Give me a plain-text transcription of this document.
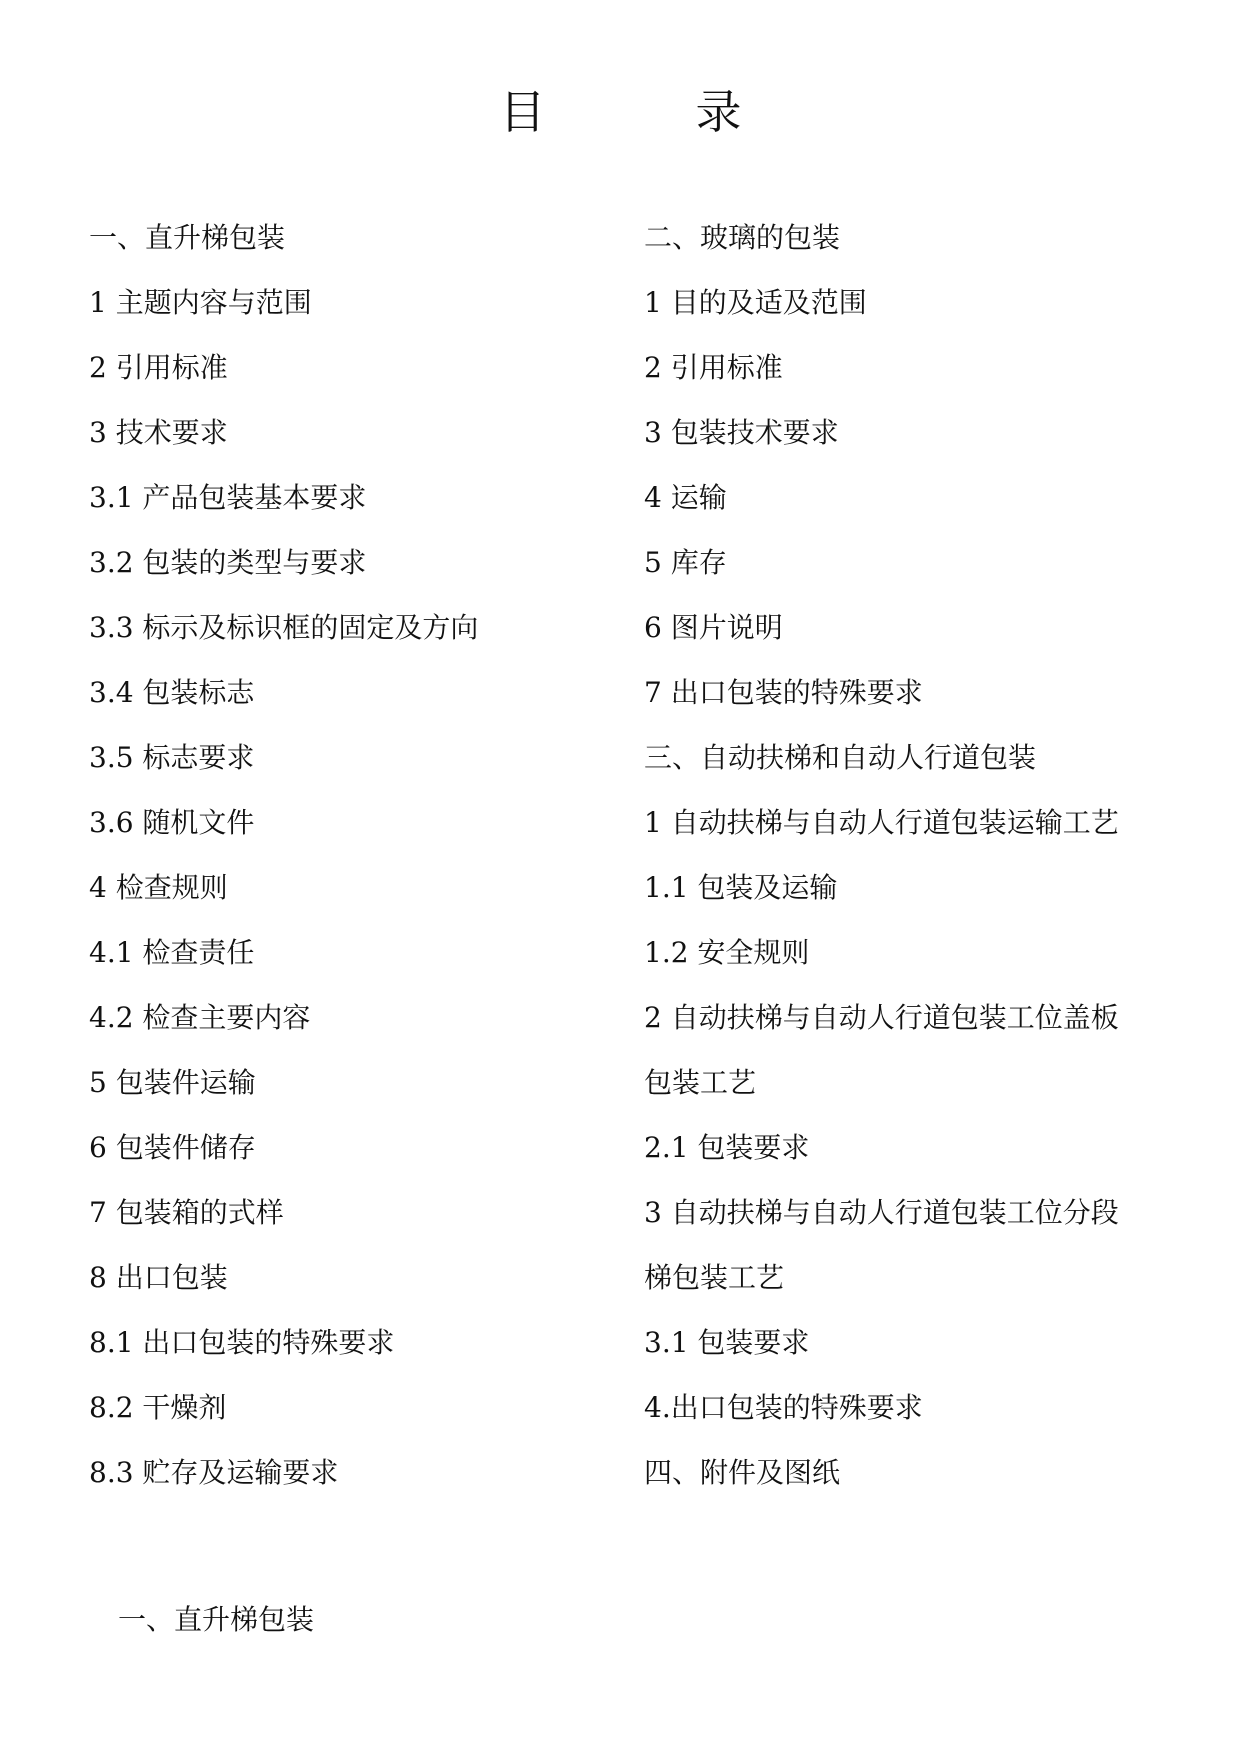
目　录
一、直升梯包装
1 主题内容与范围
2 引用标准
3 技术要求
3.1 产品包装基本要求
3.2 包装的类型与要求
3.3 标示及标识框的固定及方向
3.4 包装标志
3.5 标志要求
3.6 随机文件
4 检查规则
4.1 检查责任
4.2 检查主要内容
5 包装件运输
6 包装件储存
7 包装箱的式样
8 出口包装
8.1 出口包装的特殊要求
8.2 干燥剂
8.3 贮存及运输要求
二、玻璃的包装
1 目的及适及范围
2 引用标准
3 包装技术要求
4 运输
5 库存
6 图片说明
7 出口包装的特殊要求
三、自动扶梯和自动人行道包装
1 自动扶梯与自动人行道包装运输工艺
1.1 包装及运输
1.2 安全规则
2 自动扶梯与自动人行道包装工位盖板
包装工艺
2.1 包装要求
3 自动扶梯与自动人行道包装工位分段
梯包装工艺
3.1 包装要求
4.出口包装的特殊要求
四、附件及图纸
一、直升梯包装
